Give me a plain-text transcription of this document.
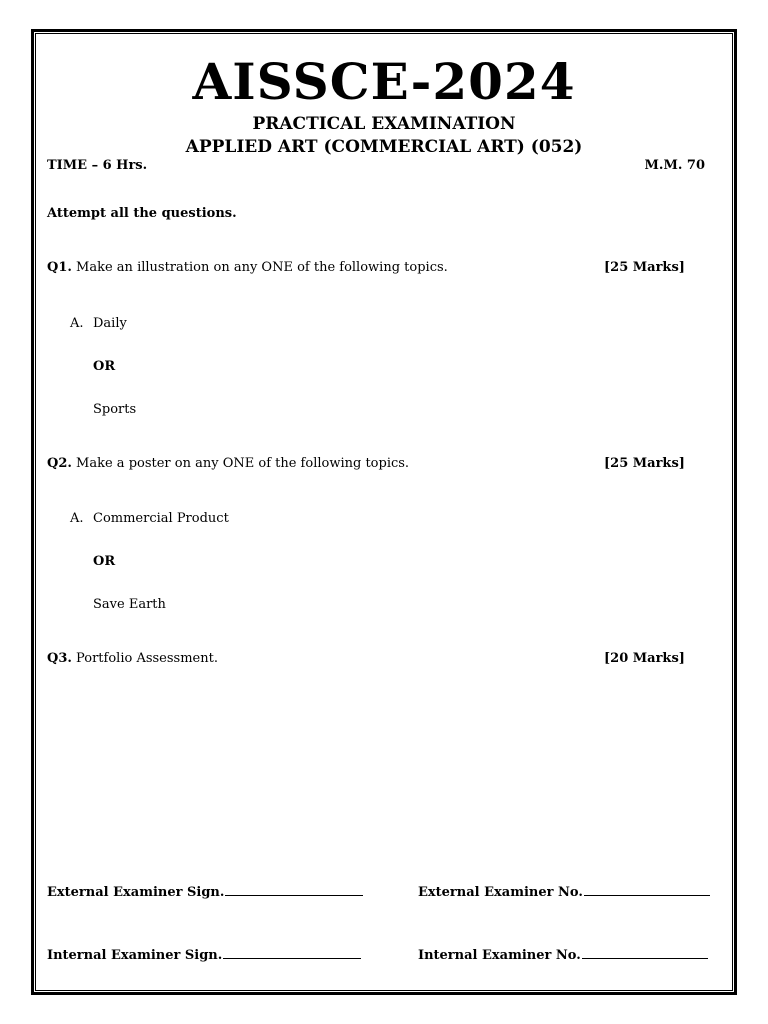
AISSCE-2024
PRACTICAL EXAMINATION
APPLIED ART (COMMERCIAL ART) (052)
TIME – 6 Hrs.	M.M. 70
Attempt all the questions.
Q1. Make an illustration on any ONE of the following topics.	[25 Marks]
A. Daily
OR
Sports
Q2. Make a poster on any ONE of the following topics.	[25 Marks]
A. Commercial Product
OR
Save Earth
Q3. Portfolio Assessment.	[20 Marks]
External Examiner Sign.	External Examiner No.
Internal Examiner Sign.	Internal Examiner No.
